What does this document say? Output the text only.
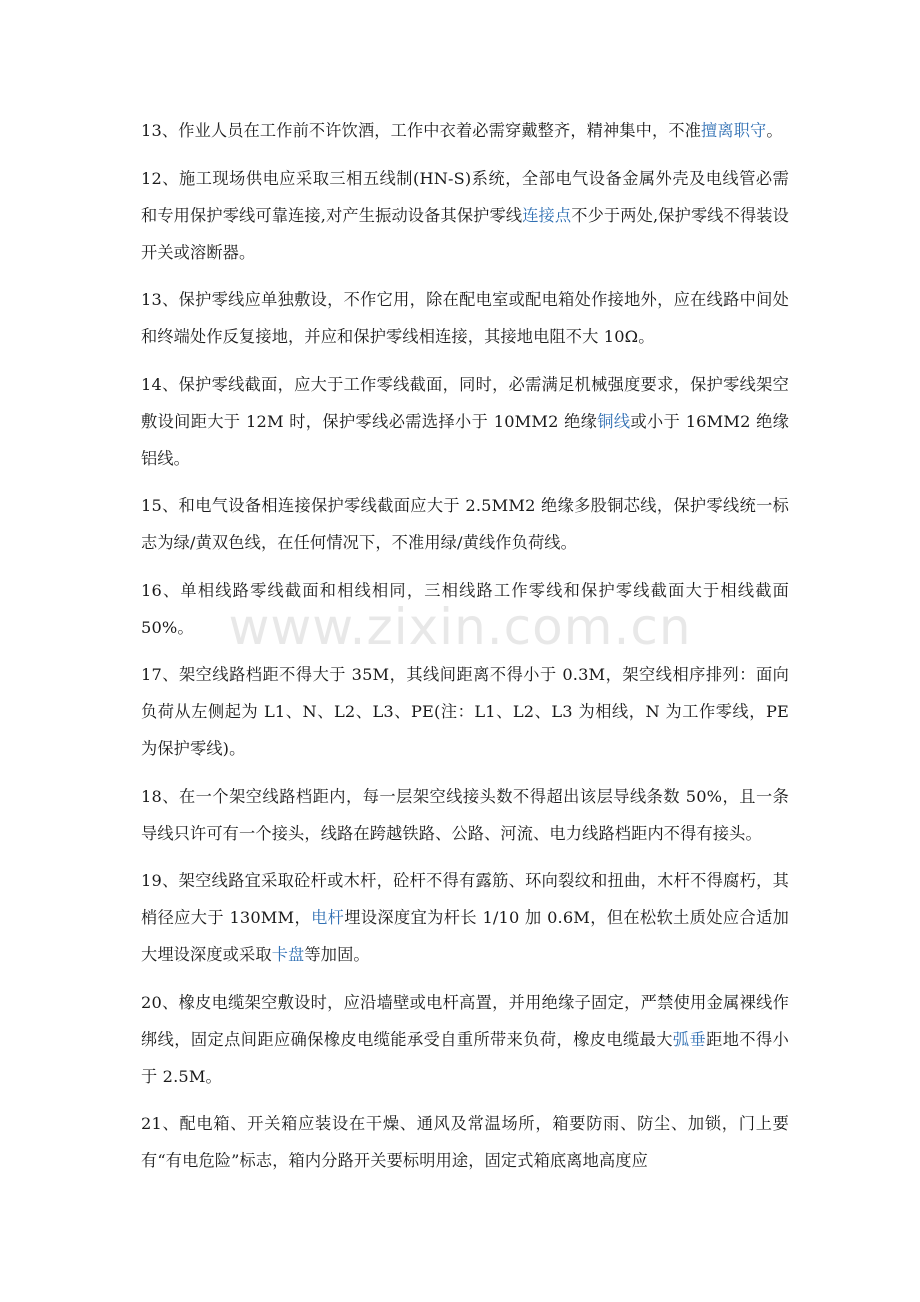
www.zixin.com.cn

13、作业人员在工作前不许饮酒，工作中衣着必需穿戴整齐，精神集中，不准擅离职守。

12、施工现场供电应采取三相五线制(HN-S)系统，全部电气设备金属外壳及电线管必需和专用保护零线可靠连接,对产生振动设备其保护零线连接点不少于两处,保护零线不得装设开关或溶断器。

13、保护零线应单独敷设，不作它用，除在配电室或配电箱处作接地外，应在线路中间处和终端处作反复接地，并应和保护零线相连接，其接地电阻不大 10Ω。

14、保护零线截面，应大于工作零线截面，同时，必需满足机械强度要求，保护零线架空敷设间距大于 12M 时，保护零线必需选择小于 10MM2 绝缘铜线或小于 16MM2 绝缘铝线。

15、和电气设备相连接保护零线截面应大于 2.5MM2 绝缘多股铜芯线，保护零线统一标志为绿/黄双色线，在任何情况下，不准用绿/黄线作负荷线。

16、单相线路零线截面和相线相同，三相线路工作零线和保护零线截面大于相线截面 50%。

17、架空线路档距不得大于 35M，其线间距离不得小于 0.3M，架空线相序排列：面向负荷从左侧起为 L1、N、L2、L3、PE(注：L1、L2、L3 为相线，N 为工作零线，PE 为保护零线)。

18、在一个架空线路档距内，每一层架空线接头数不得超出该层导线条数 50%，且一条导线只许可有一个接头，线路在跨越铁路、公路、河流、电力线路档距内不得有接头。

19、架空线路宜采取砼杆或木杆，砼杆不得有露筋、环向裂纹和扭曲，木杆不得腐朽，其梢径应大于 130MM，电杆埋设深度宜为杆长 1/10 加 0.6M，但在松软土质处应合适加大埋设深度或采取卡盘等加固。

20、橡皮电缆架空敷设时，应沿墙壁或电杆高置，并用绝缘子固定，严禁使用金属裸线作绑线，固定点间距应确保橡皮电缆能承受自重所带来负荷，橡皮电缆最大弧垂距地不得小于 2.5M。

21、配电箱、开关箱应装设在干燥、通风及常温场所，箱要防雨、防尘、加锁，门上要有“有电危险”标志，箱内分路开关要标明用途，固定式箱底离地高度应
